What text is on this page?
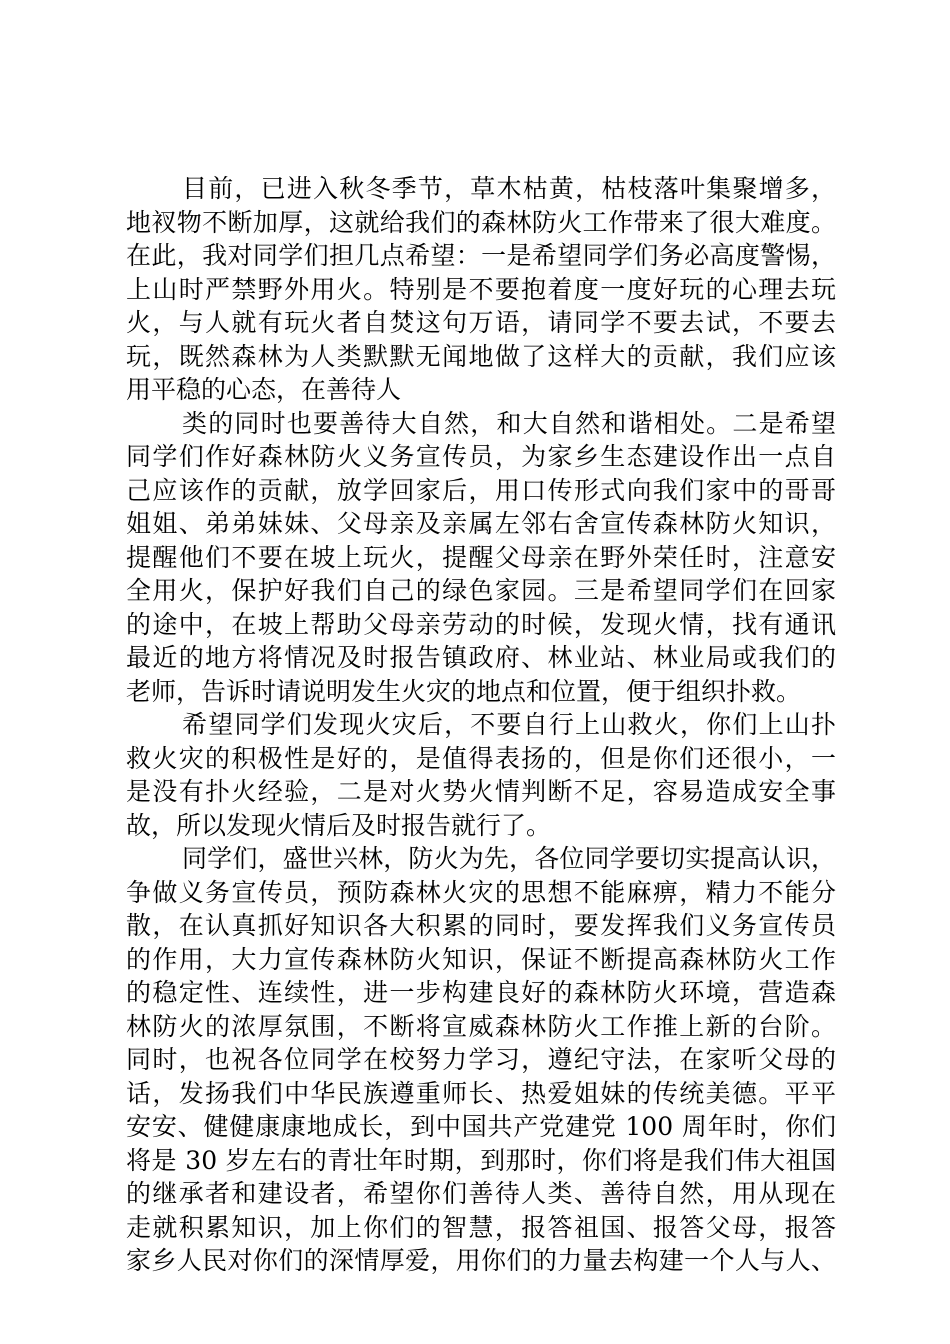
目前，已进入秋冬季节，草木枯黄，枯枝落叶集聚增多，
地衩物不断加厚，这就给我们的森林防火工作带来了很大难度。
在此，我对同学们担几点希望：一是希望同学们务必高度警惕，
上山时严禁野外用火。特别是不要抱着度一度好玩的心理去玩
火，与人就有玩火者自焚这句万语，请同学不要去试，不要去
玩，既然森林为人类默默无闻地做了这样大的贡献，我们应该
用平稳的心态，在善待人
类的同时也要善待大自然，和大自然和谐相处。二是希望
同学们作好森林防火义务宣传员，为家乡生态建设作出一点自
己应该作的贡献，放学回家后，用口传形式向我们家中的哥哥
姐姐、弟弟妹妹、父母亲及亲属左邻右舍宣传森林防火知识，
提醒他们不要在坡上玩火，提醒父母亲在野外荣任时，注意安
全用火，保护好我们自己的绿色家园。三是希望同学们在回家
的途中，在坡上帮助父母亲劳动的时候，发现火情，找有通讯
最近的地方将情况及时报告镇政府、林业站、林业局或我们的
老师，告诉时请说明发生火灾的地点和位置，便于组织扑救。
希望同学们发现火灾后，不要自行上山救火，你们上山扑
救火灾的积极性是好的，是值得表扬的，但是你们还很小，一
是没有扑火经验，二是对火势火情判断不足，容易造成安全事
故，所以发现火情后及时报告就行了。
同学们，盛世兴林，防火为先，各位同学要切实提高认识，
争做义务宣传员，预防森林火灾的思想不能麻痹，精力不能分
散，在认真抓好知识各大积累的同时，要发挥我们义务宣传员
的作用，大力宣传森林防火知识，保证不断提高森林防火工作
的稳定性、连续性，进一步构建良好的森林防火环境，营造森
林防火的浓厚氛围，不断将宣威森林防火工作推上新的台阶。
同时，也祝各位同学在校努力学习，遵纪守法，在家听父母的
话，发扬我们中华民族遵重师长、热爱姐妹的传统美德。平平
安安、健健康康地成长，到中国共产党建党 100 周年时，你们
将是 30 岁左右的青壮年时期，到那时，你们将是我们伟大祖国
的继承者和建设者，希望你们善待人类、善待自然，用从现在
走就积累知识，加上你们的智慧，报答祖国、报答父母，报答
家乡人民对你们的深情厚爱，用你们的力量去构建一个人与人、
